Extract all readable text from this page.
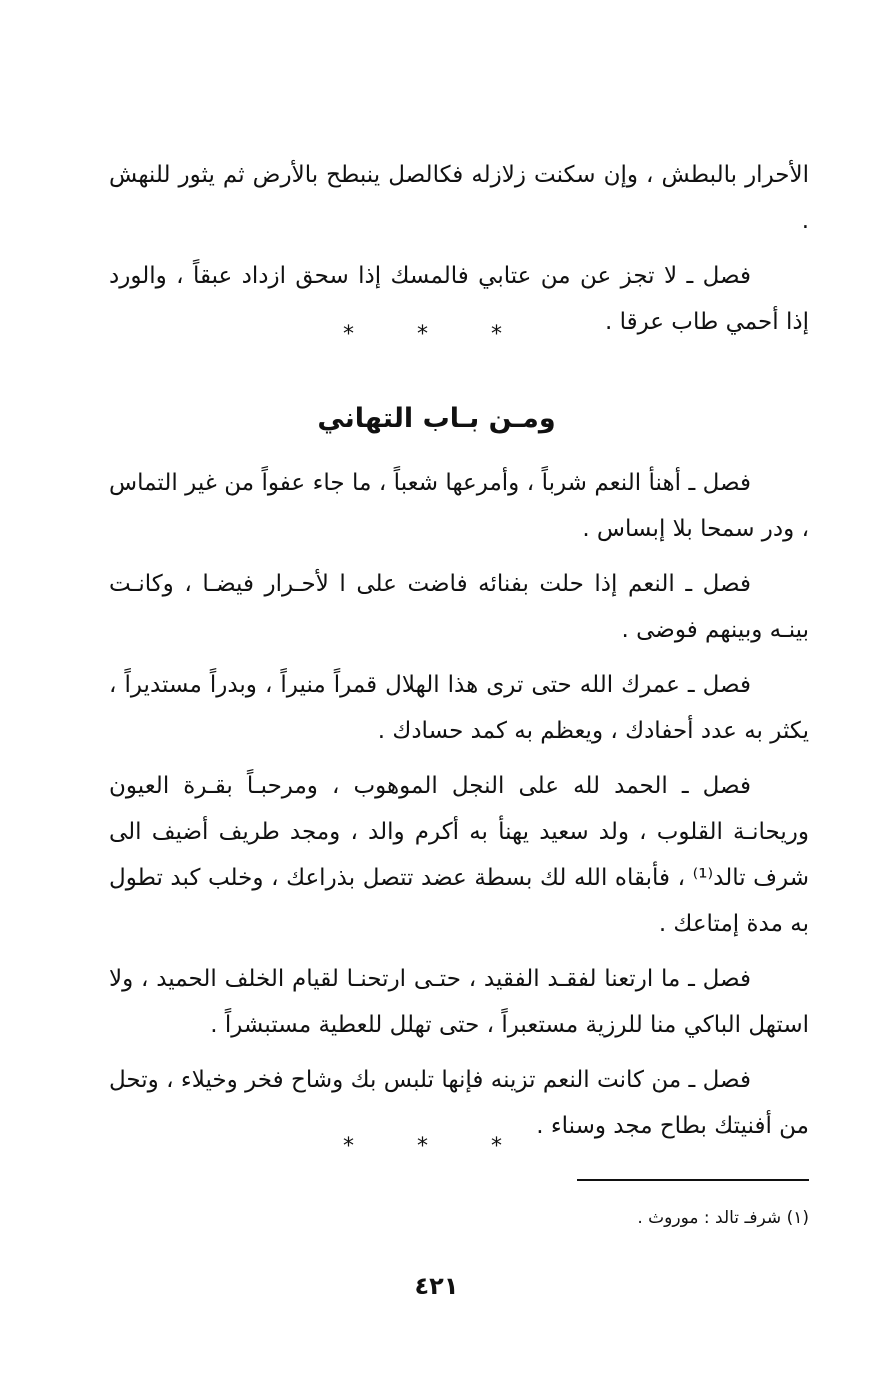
الأحرار بالبطش ، وإن سكنت زلازله فكالصل ينبطح بالأرض ثم يثور للنهش .

فصل ـ لا تجز عن من عتابي فالمسك إذا سحق ازداد عبقاً ، والورد إذا أحمي طاب عرقا .

* * *
ومـن بـاب التهاني

فصل ـ أهنأ النعم شرباً ، وأمرعها شعباً ، ما جاء عفواً من غير التماس ، ودر سمحا بلا إبساس .

فصل ـ النعم إذا حلت بفنائه فاضت على ا لأحـرار فيضـا ، وكانـت بينـه وبينهم فوضى .

فصل ـ عمرك الله حتى ترى هذا الهلال قمراً منيراً ، وبدراً مستديراً ، يكثر به عدد أحفادك ، ويعظم به كمد حسادك .

فصل ـ الحمد لله على النجل الموهوب ، ومرحبـاً بقـرة العيون وريحانـة القلوب ، ولد سعيد يهنأ به أكرم والد ، ومجد طريف أضيف الى شرف تالد⁽¹⁾ ، فأبقاه الله لك بسطة عضد تتصل بذراعك ، وخلب كبد تطول به مدة إمتاعك .

فصل ـ ما ارتعنا لفقـد الفقيد ، حتـى ارتحنـا لقيام الخلف الحميد ، ولا استهل الباكي منا للرزية مستعبراً ، حتى تهلل للعطية مستبشراً .

فصل ـ من كانت النعم تزينه فإنها تلبس بك وشاح فخر وخيلاء ، وتحل من أفنيتك بطاح مجد وسناء .

* * *
(١) شرفـ تالد : موروث .
٤٢١
